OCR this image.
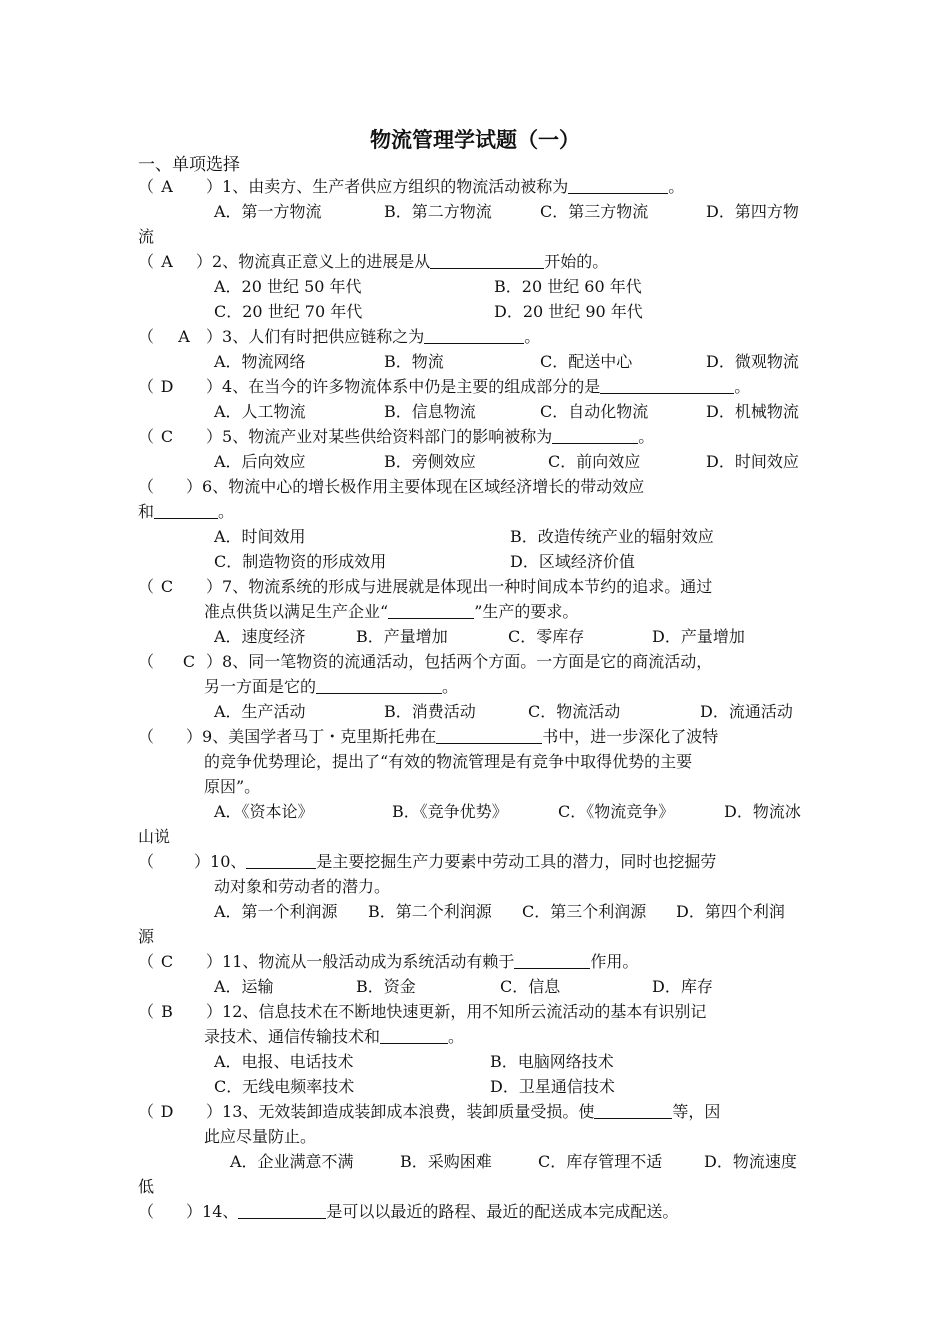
物流管理学试题（一）
一、单项选择
（ A ）1、由卖方、生产者供应方组织的物流活动被称为	。
A．第一方物流	B．第二方物流	C．第三方物流	D．第四方物
流
（ A ）2、物流真正意义上的进展是从	开始的。
A．20 世纪 50 年代	B．20 世纪 60 年代
C．20 世纪 70 年代	D．20 世纪 90 年代
（ A ）3、人们有时把供应链称之为	。
A．物流网络	B．物流	C．配送中心	D．微观物流
（ D ）4、在当今的许多物流体系中仍是主要的组成部分的是	。
A．人工物流	B．信息物流	C．自动化物流	D．机械物流
（ C ）5、物流产业对某些供给资料部门的影响被称为	。
A．后向效应	B．旁侧效应	C．前向效应	D．时间效应
（ ）6、物流中心的增长极作用主要体现在区域经济增长的带动效应
和	。
A．时间效用	B．改造传统产业的辐射效应
C．制造物资的形成效用	D．区域经济价值
（ C ）7、物流系统的形成与进展就是体现出一种时间成本节约的追求。通过
准点供货以满足生产企业“	”生产的要求。
A．速度经济	B．产量增加	C．零库存	D．产量增加
（ C ）8、同一笔物资的流通活动，包括两个方面。一方面是它的商流活动，
另一方面是它的	。
A．生产活动	B．消费活动	C．物流活动	D．流通活动
（ ）9、美国学者马丁・克里斯托弗在	书中，进一步深化了波特
的竞争优势理论，提出了“有效的物流管理是有竞争中取得优势的主要
原因”。
A．《资本论》	B．《竞争优势》	C．《物流竞争》	D．物流冰
山说
（	）10、	是主要挖掘生产力要素中劳动工具的潜力，同时也挖掘劳
动对象和劳动者的潜力。
A．第一个利润源 B．第二个利润源 C．第三个利润源 D．第四个利润
源
（ C ）11、物流从一般活动成为系统活动有赖于	作用。
A．运输	B．资金	C．信息	D．库存
（ B ）12、信息技术在不断地快速更新，用不知所云流活动的基本有识别记
录技术、通信传输技术和	。
A．电报、电话技术	B．电脑网络技术
C．无线电频率技术	D．卫星通信技术
（ D ）13、无效装卸造成装卸成本浪费，装卸质量受损。使	等，因
此应尽量防止。
A．企业满意不满	B．采购困难	C．库存管理不适	D．物流速度
低
（ ）14、	是可以以最近的路程、最近的配送成本完成配送。
